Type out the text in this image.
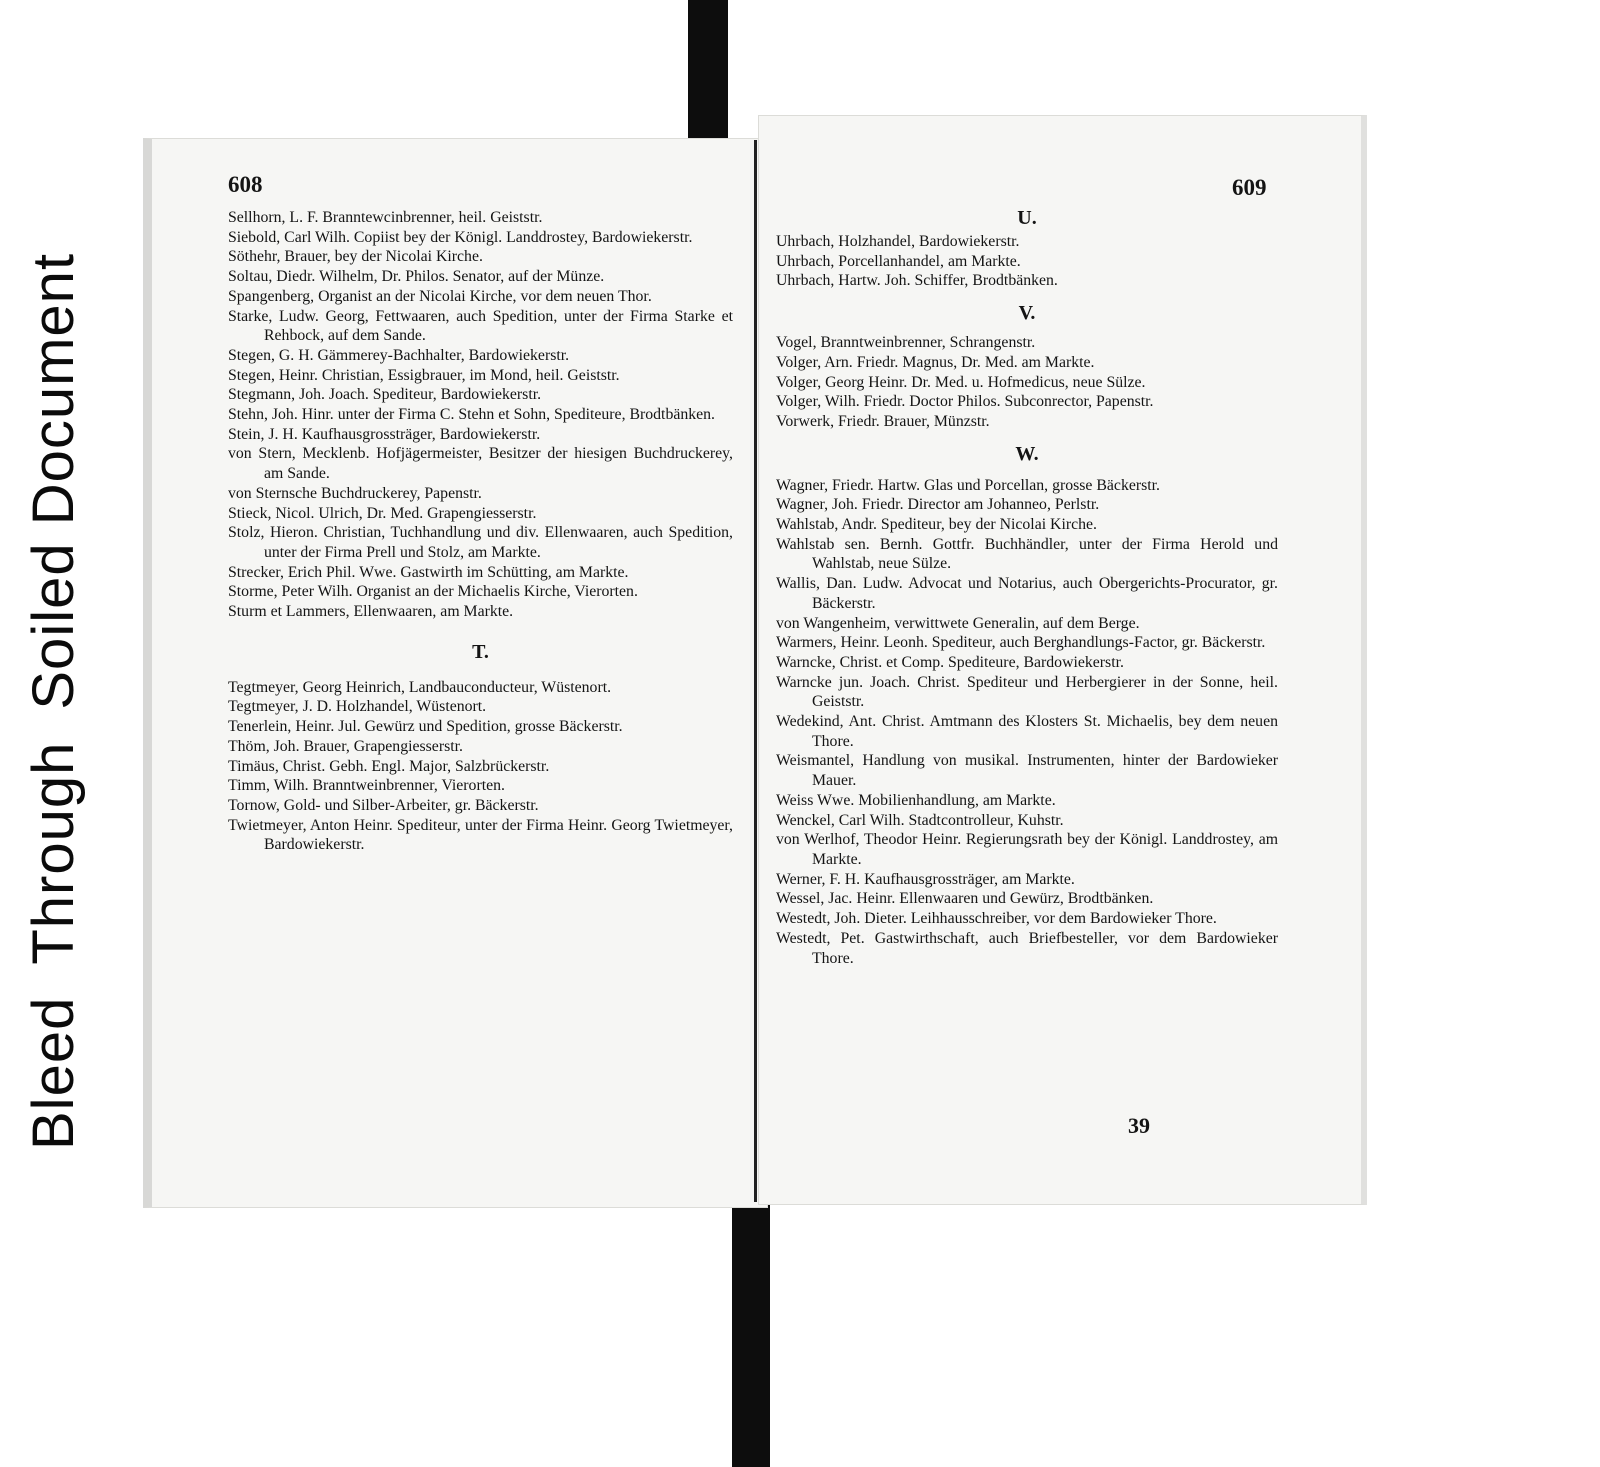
BleedThroughSoiled Document
608	609

Sellhorn, L. F. Branntewcinbrenner, heil. Geiststr.

Siebold, Carl Wilh. Copiist bey der Königl. Landdrostey, Bardowiekerstr.

Söthehr, Brauer, bey der Nicolai Kirche.

Soltau, Diedr. Wilhelm, Dr. Philos. Senator, auf der Münze.

Spangenberg, Organist an der Nicolai Kirche, vor dem neuen Thor.

Starke, Ludw. Georg, Fettwaaren, auch Spedition, unter der Firma Starke et Rehbock, auf dem Sande.

Stegen, G. H. Gämmerey-Bachhalter, Bardowiekerstr.

Stegen, Heinr. Christian, Essigbrauer, im Mond, heil. Geiststr.

Stegmann, Joh. Joach. Spediteur, Bardowiekerstr.

Stehn, Joh. Hinr. unter der Firma C. Stehn et Sohn, Spediteure, Brodtbänken.

Stein, J. H. Kaufhausgrossträger, Bardowiekerstr.

von Stern, Mecklenb. Hofjägermeister, Besitzer der hiesigen Buchdruckerey, am Sande.

von Sternsche Buchdruckerey, Papenstr.

Stieck, Nicol. Ulrich, Dr. Med. Grapengiesserstr.

Stolz, Hieron. Christian, Tuchhandlung und div. Ellenwaaren, auch Spedition, unter der Firma Prell und Stolz, am Markte.

Strecker, Erich Phil. Wwe. Gastwirth im Schütting, am Markte.

Storme, Peter Wilh. Organist an der Michaelis Kirche, Vierorten.

Sturm et Lammers, Ellenwaaren, am Markte.

T.

Tegtmeyer, Georg Heinrich, Landbauconducteur, Wüstenort.

Tegtmeyer, J. D. Holzhandel, Wüstenort.

Tenerlein, Heinr. Jul. Gewürz und Spedition, grosse Bäckerstr.

Thöm, Joh. Brauer, Grapengiesserstr.

Timäus, Christ. Gebh. Engl. Major, Salzbrückerstr.

Timm, Wilh. Branntweinbrenner, Vierorten.

Tornow, Gold- und Silber-Arbeiter, gr. Bäckerstr.

Twietmeyer, Anton Heinr. Spediteur, unter der Firma Heinr. Georg Twietmeyer, Bardowiekerstr.

U.

Uhrbach, Holzhandel, Bardowiekerstr.

Uhrbach, Porcellanhandel, am Markte.

Uhrbach, Hartw. Joh. Schiffer, Brodtbänken.

V.

Vogel, Branntweinbrenner, Schrangenstr.

Volger, Arn. Friedr. Magnus, Dr. Med. am Markte.

Volger, Georg Heinr. Dr. Med. u. Hofmedicus, neue Sülze.

Volger, Wilh. Friedr. Doctor Philos. Subconrector, Papenstr.

Vorwerk, Friedr. Brauer, Münzstr.

W.

Wagner, Friedr. Hartw. Glas und Porcellan, grosse Bäckerstr.

Wagner, Joh. Friedr. Director am Johanneo, Perlstr.

Wahlstab, Andr. Spediteur, bey der Nicolai Kirche.

Wahlstab sen. Bernh. Gottfr. Buchhändler, unter der Firma Herold und Wahlstab, neue Sülze.

Wallis, Dan. Ludw. Advocat und Notarius, auch Obergerichts-Procurator, gr. Bäckerstr.

von Wangenheim, verwittwete Generalin, auf dem Berge.

Warmers, Heinr. Leonh. Spediteur, auch Berghandlungs-Factor, gr. Bäckerstr.

Warncke, Christ. et Comp. Spediteure, Bardowiekerstr.

Warncke jun. Joach. Christ. Spediteur und Herbergierer in der Sonne, heil. Geiststr.

Wedekind, Ant. Christ. Amtmann des Klosters St. Michaelis, bey dem neuen Thore.

Weismantel, Handlung von musikal. Instrumenten, hinter der Bardowieker Mauer.

Weiss Wwe. Mobilienhandlung, am Markte.

Wenckel, Carl Wilh. Stadtcontrolleur, Kuhstr.

von Werlhof, Theodor Heinr. Regierungsrath bey der Königl. Landdrostey, am Markte.

Werner, F. H. Kaufhausgrossträger, am Markte.

Wessel, Jac. Heinr. Ellenwaaren und Gewürz, Brodtbänken.

Westedt, Joh. Dieter. Leihhausschreiber, vor dem Bardowieker Thore.

Westedt, Pet. Gastwirthschaft, auch Briefbesteller, vor dem Bardowieker Thore.

39
